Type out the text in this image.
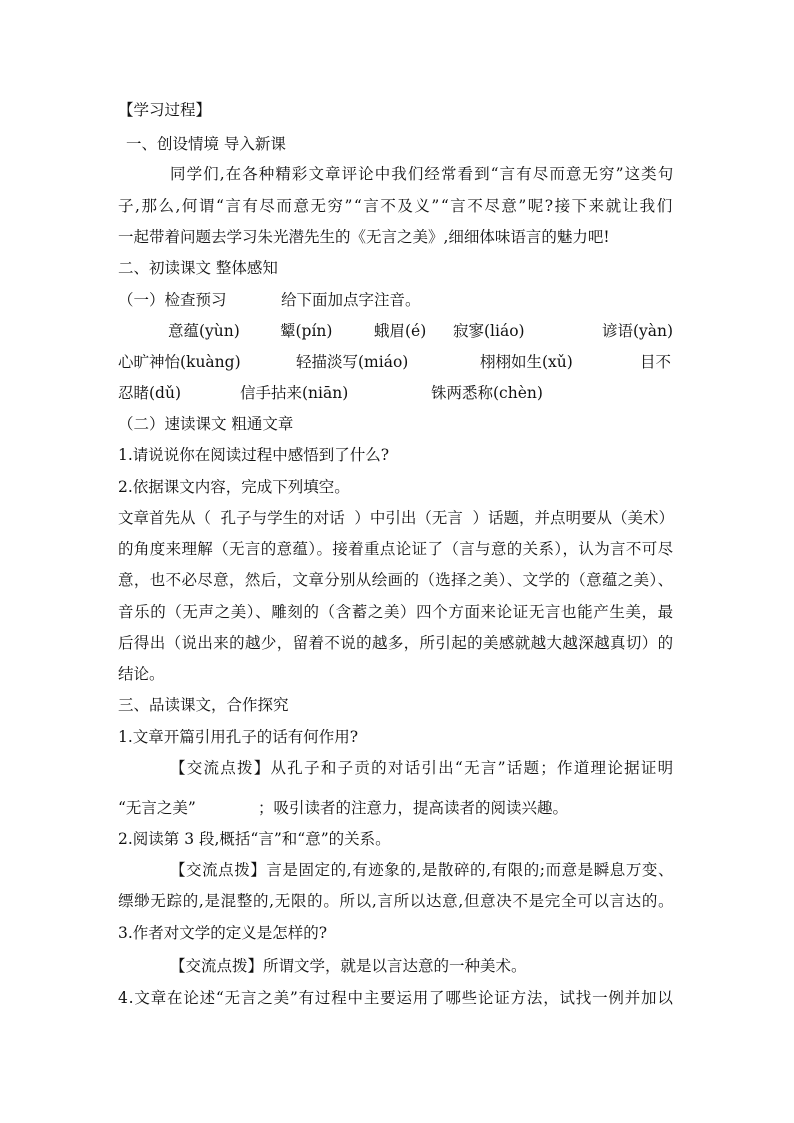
【学习过程】
一、创设情境 导入新课
同学们,在各种精彩文章评论中我们经常看到“言有尽而意无穷”这类句
子,那么,何谓“言有尽而意无穷”“言不及义”“言不尽意”呢?接下来就让我们
一起带着问题去学习朱光潜先生的《无言之美》,细细体味语言的魅力吧!
二、初读课文 整体感知
（一）检查预习	给下面加点字注音。
意蕴(yùn)	颦(pín)	蛾眉(é) 寂寥(liáo)	谚语(yàn)
心旷神怡(kuàng)	轻描淡写(miáo)	栩栩如生(xǔ)	目不
忍睹(dǔ)	信手拈来(niān)	铢两悉称(chèn)
（二）速读课文 粗通文章
1.请说说你在阅读过程中感悟到了什么?
2.依据课文内容，完成下列填空。
文章首先从（ 孔子与学生的对话 ）中引出（无言 ）话题，并点明要从（美术）
的角度来理解（无言的意蕴）。接着重点论证了（言与意的关系），认为言不可尽
意，也不必尽意，然后，文章分别从绘画的（选择之美）、文学的（意蕴之美）、
音乐的（无声之美）、雕刻的（含蓄之美）四个方面来论证无言也能产生美，最
后得出（说出来的越少，留着不说的越多，所引起的美感就越大越深越真切）的
结论。
三、品读课文，合作探究
1.文章开篇引用孔子的话有何作用?
【交流点拨】从孔子和子贡的对话引出“无言”话题；作道理论据证明
“无言之美”	；吸引读者的注意力，提高读者的阅读兴趣。
2.阅读第 3 段,概括“言”和“意”的关系。
【交流点拨】言是固定的,有迹象的,是散碎的,有限的;而意是瞬息万变、
缥缈无踪的,是混整的,无限的。所以,言所以达意,但意决不是完全可以言达的。
3.作者对文学的定义是怎样的?
【交流点拨】所谓文学，就是以言达意的一种美术。
4.文章在论述“无言之美”有过程中主要运用了哪些论证方法，试找一例并加以
